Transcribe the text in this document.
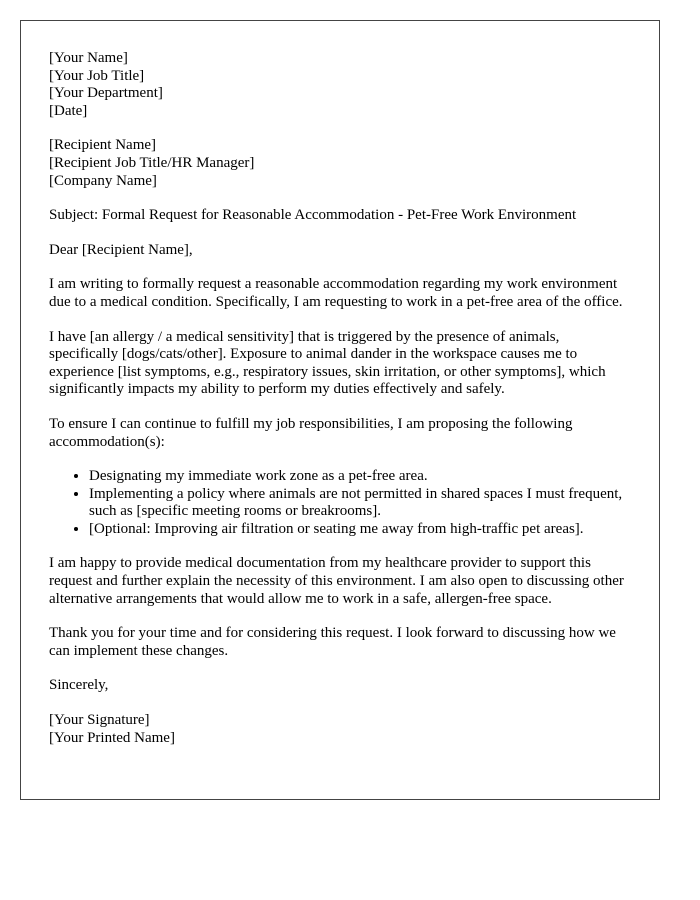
[Your Name]
[Your Job Title]
[Your Department]
[Date]
[Recipient Name]
[Recipient Job Title/HR Manager]
[Company Name]

Subject: Formal Request for Reasonable Accommodation - Pet-Free Work Environment

Dear [Recipient Name],

I am writing to formally request a reasonable accommodation regarding my work environment due to a medical condition. Specifically, I am requesting to work in a pet-free area of the office.

I have [an allergy / a medical sensitivity] that is triggered by the presence of animals, specifically [dogs/cats/other]. Exposure to animal dander in the workspace causes me to experience [list symptoms, e.g., respiratory issues, skin irritation, or other symptoms], which significantly impacts my ability to perform my duties effectively and safely.

To ensure I can continue to fulfill my job responsibilities, I am proposing the following accommodation(s):

• Designating my immediate work zone as a pet-free area.
• Implementing a policy where animals are not permitted in shared spaces I must frequent, such as [specific meeting rooms or breakrooms].
• [Optional: Improving air filtration or seating me away from high-traffic pet areas].

I am happy to provide medical documentation from my healthcare provider to support this request and further explain the necessity of this environment. I am also open to discussing other alternative arrangements that would allow me to work in a safe, allergen-free space.

Thank you for your time and for considering this request. I look forward to discussing how we can implement these changes.

Sincerely,

[Your Signature]
[Your Printed Name]
